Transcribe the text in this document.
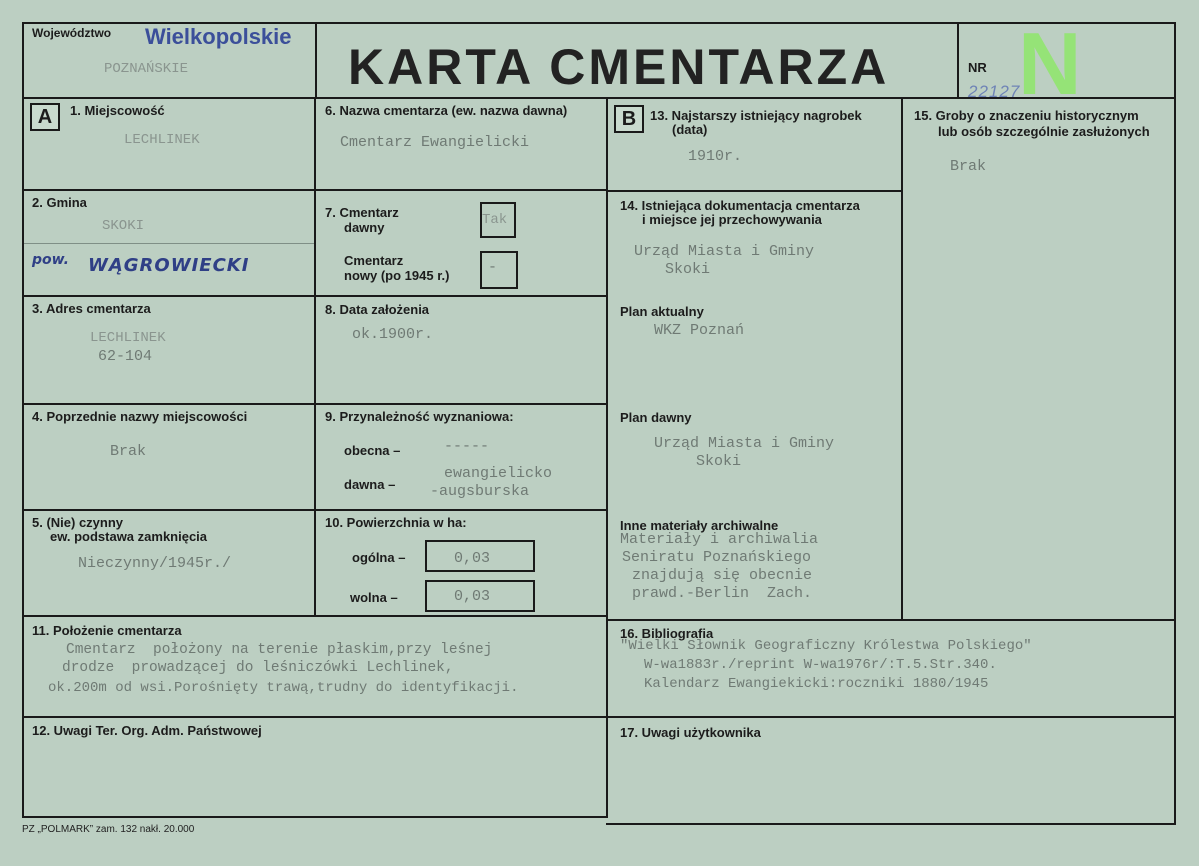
Województwo Wielkopolskie
POZNAŃSKIE	KARTA CMENTARZA	NR N
22127
A	B
1. Miejscowość
LECHLINEK
2. Gmina
SKOKI
pow. WĄGROWIECKI
3. Adres cmentarza
LECHLINEK
62-104
4. Poprzednie nazwy miejscowości
Brak
5. (Nie) czynny
ew. podstawa zamknięcia
Nieczynny/1945r./
6. Nazwa cmentarza (ew. nazwa dawna)
Cmentarz Ewangielicki
7. Cmentarz
dawny	Tak
Cmentarz
nowy (po 1945 r.)	-
8. Data założenia
ok.1900r.
9. Przynależność wyznaniowa:
obecna –	-----
dawna –
ewangielicko
-augsburska
10. Powierzchnia w ha:
ogólna –	0,03
wolna –	0,03
11. Położenie cmentarza
Cmentarz  położony na terenie płaskim,przy leśnej
drodze  prowadzącej do leśniczówki Lechlinek,
ok.200m od wsi.Porośnięty trawą,trudny do identyfikacji.
12. Uwagi Ter. Org. Adm. Państwowej
13. Najstarszy istniejący nagrobek
(data)
1910r.
14. Istniejąca dokumentacja cmentarza
i miejsce jej przechowywania
Urząd Miasta i Gminy
Skoki
Plan aktualny
WKZ Poznań
Plan dawny
Urząd Miasta i Gminy
Skoki
Inne materiały archiwalne
Materiały i archiwalia
Seniratu Poznańskiego
znajdują się obecnie
prawd.-Berlin  Zach.
15. Groby o znaczeniu historycznym
lub osób szczególnie zasłużonych
Brak
16. Bibliografia
"Wielki Słownik Geograficzny Królestwa Polskiego"
W-wa1883r./reprint W-wa1976r/:T.5.Str.340.
Kalendarz Ewangiekicki:roczniki 1880/1945
17. Uwagi użytkownika
PZ „POLMARK” zam. 132 nakł. 20.000
